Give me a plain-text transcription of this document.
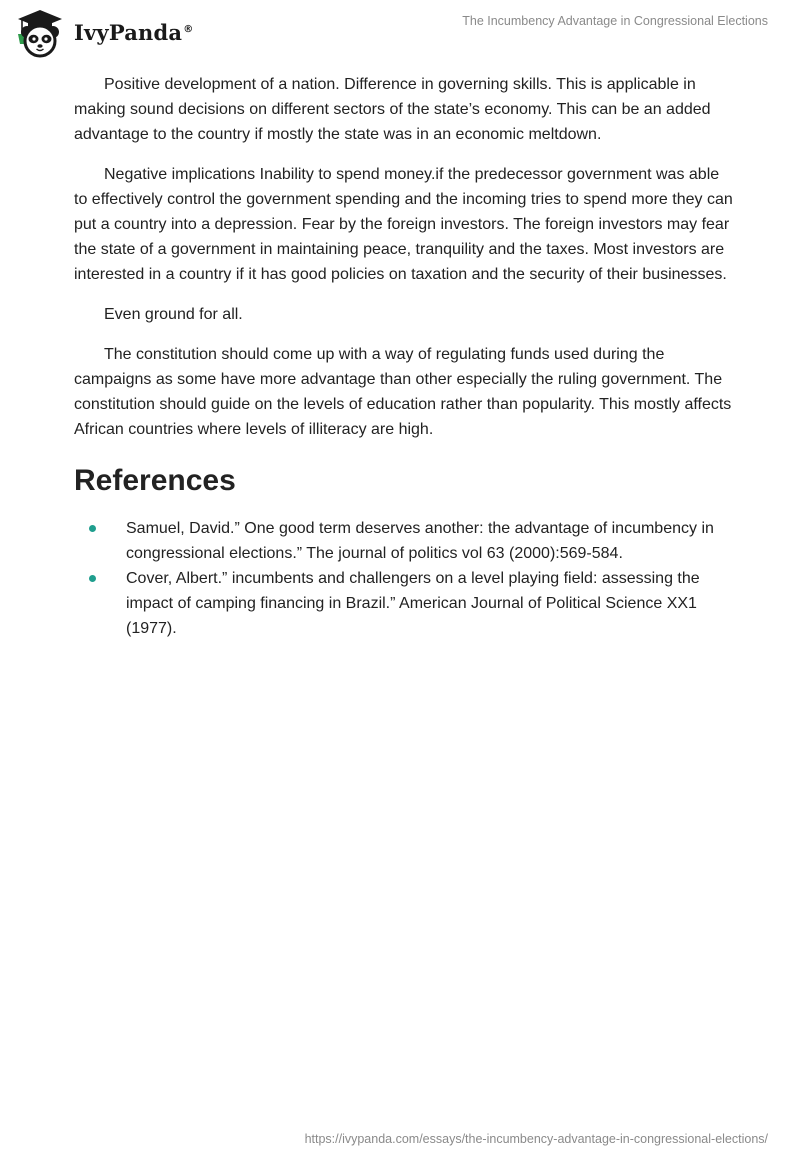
IvyPanda®
The Incumbency Advantage in Congressional Elections

Positive development of a nation. Difference in governing skills. This is applicable in making sound decisions on different sectors of the state’s economy. This can be an added advantage to the country if mostly the state was in an economic meltdown.

Negative implications Inability to spend money.if the predecessor government was able to effectively control the government spending and the incoming tries to spend more they can put a country into a depression. Fear by the foreign investors. The foreign investors may fear the state of a government in maintaining peace, tranquility and the taxes. Most investors are interested in a country if it has good policies on taxation and the security of their businesses.

Even ground for all.

The constitution should come up with a way of regulating funds used during the campaigns as some have more advantage than other especially the ruling government. The constitution should guide on the levels of education rather than popularity. This mostly affects African countries where levels of illiteracy are high.

References
Samuel, David.” One good term deserves another: the advantage of incumbency in congressional elections.” The journal of politics vol 63 (2000):569-584.
Cover, Albert.” incumbents and challengers on a level playing field: assessing the impact of camping financing in Brazil.” American Journal of Political Science XX1 (1977).
https://ivypanda.com/essays/the-incumbency-advantage-in-congressional-elections/
